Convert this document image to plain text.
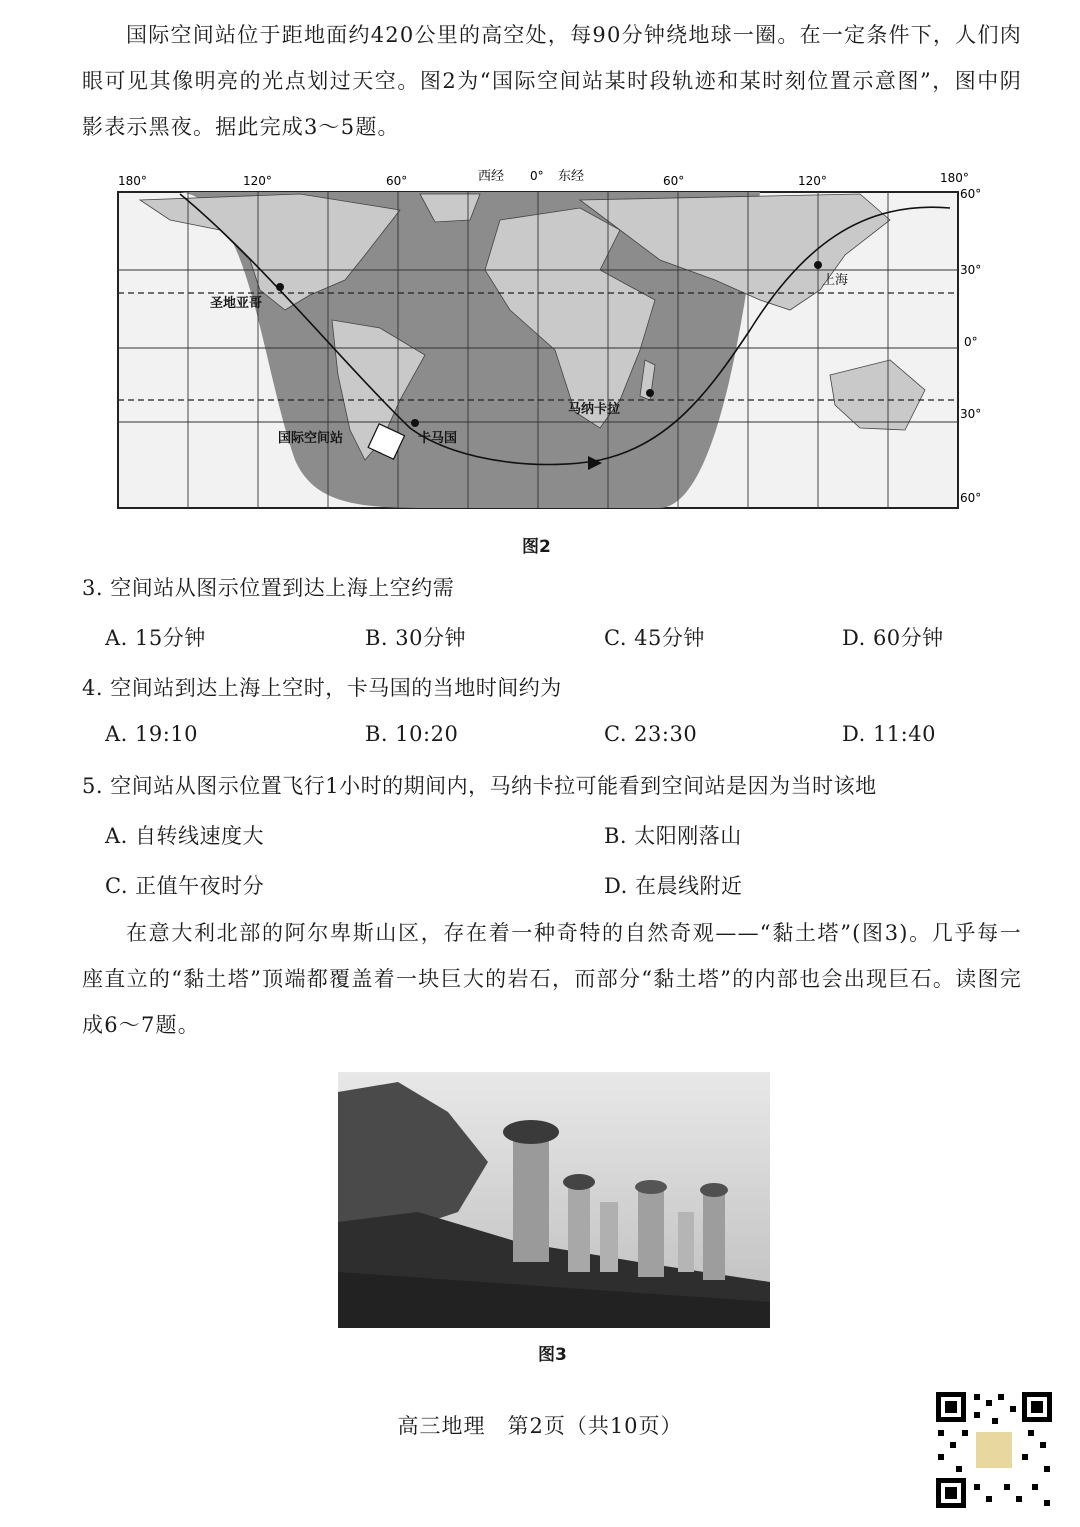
国际空间站位于距地面约420公里的高空处，每90分钟绕地球一圈。在一定条件下，人们肉眼可见其像明亮的光点划过天空。图2为“国际空间站某时段轨迹和某时刻位置示意图”，图中阴影表示黑夜。据此完成3～5题。

180°	120°	60°	西经 0° 东经	60°	120°	180°
60°
30°
0°
30°
60°
圣地亚哥
上海
卡马国
马纳卡拉
国际空间站
图2

3. 空间站从图示位置到达上海上空约需

A. 15分钟	B. 30分钟	C. 45分钟	D. 60分钟

4. 空间站到达上海上空时，卡马国的当地时间约为

A. 19:10	B. 10:20	C. 23:30	D. 11:40

5. 空间站从图示位置飞行1小时的期间内，马纳卡拉可能看到空间站是因为当时该地

A. 自转线速度大	B. 太阳刚落山

C. 正值午夜时分	D. 在晨线附近

在意大利北部的阿尔卑斯山区，存在着一种奇特的自然奇观——“黏土塔”(图3)。几乎每一座直立的“黏土塔”顶端都覆盖着一块巨大的岩石，而部分“黏土塔”的内部也会出现巨石。读图完成6～7题。

图3
高三地理　第2页（共10页）
